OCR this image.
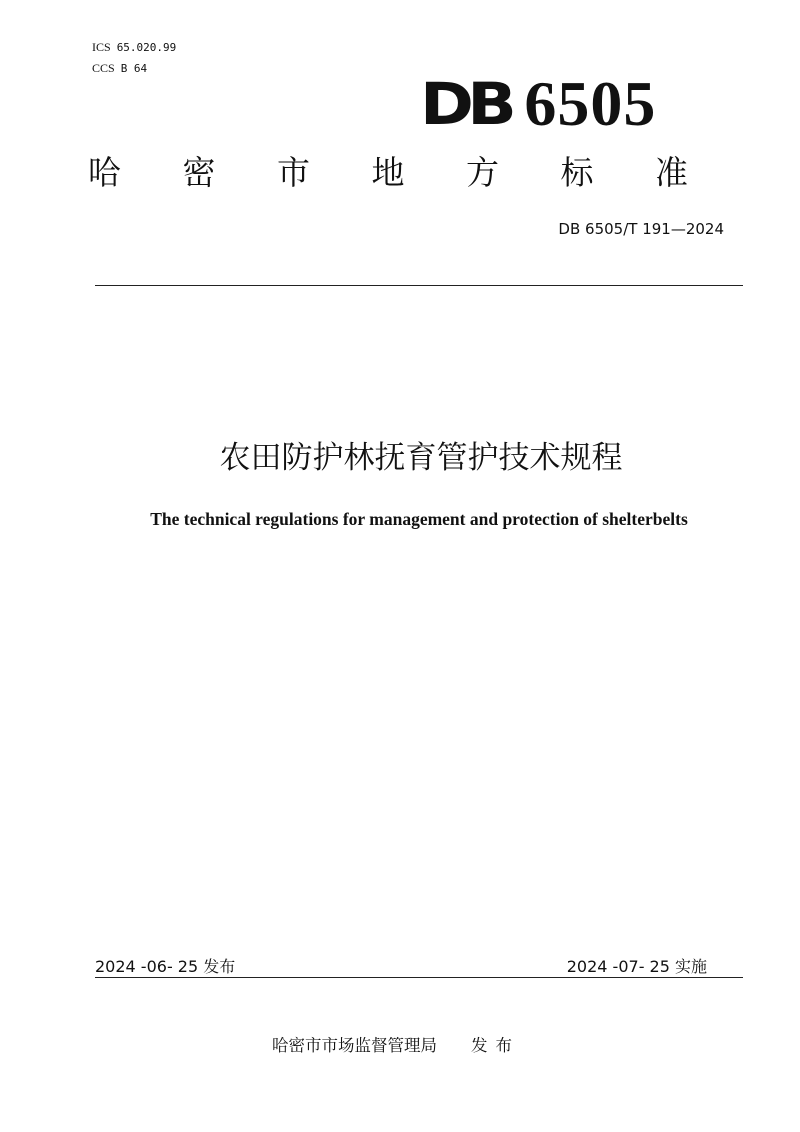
ICS 65.020.99
CCS B 64
DB 6505
哈 密 市 地 方 标 准
DB 6505/T 191—2024
农田防护林抚育管护技术规程
The technical regulations for management and protection of shelterbelts
2024 -06- 25 发布	2024 -07- 25 实施
哈密市市场监督管理局 发布
